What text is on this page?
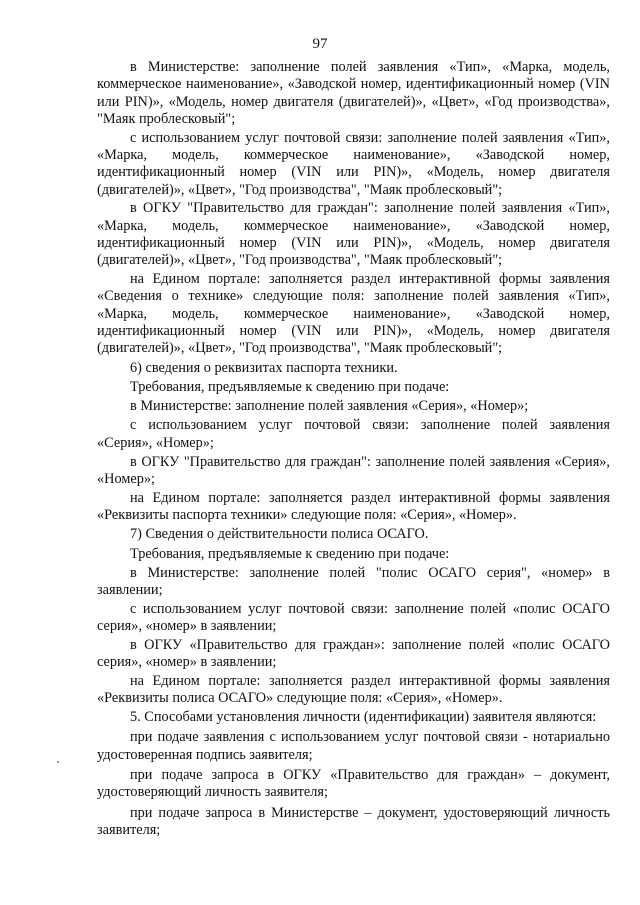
97

в Министерстве: заполнение полей заявления «Тип», «Марка, модель, коммерческое наименование», «Заводской номер, идентификационный номер (VIN или PIN)», «Модель, номер двигателя (двигателей)», «Цвет», «Год производства», "Маяк проблесковый";

с использованием услуг почтовой связи: заполнение полей заявления «Тип», «Марка, модель, коммерческое наименование», «Заводской номер, идентификационный номер (VIN или PIN)», «Модель, номер двигателя (двигателей)», «Цвет», "Год производства", "Маяк проблесковый";

в ОГКУ "Правительство для граждан": заполнение полей заявления «Тип», «Марка, модель, коммерческое наименование», «Заводской номер, идентификационный номер (VIN или PIN)», «Модель, номер двигателя (двигателей)», «Цвет», "Год производства", "Маяк проблесковый";

на Едином портале: заполняется раздел интерактивной формы заявления «Сведения о технике» следующие поля: заполнение полей заявления «Тип», «Марка, модель, коммерческое наименование», «Заводской номер, идентификационный номер (VIN или PIN)», «Модель, номер двигателя (двигателей)», «Цвет», "Год производства", "Маяк проблесковый";

6) сведения о реквизитах паспорта техники.

Требования, предъявляемые к сведению при подаче:

в Министерстве: заполнение полей заявления «Серия», «Номер»;

с использованием услуг почтовой связи: заполнение полей заявления «Серия», «Номер»;

в ОГКУ "Правительство для граждан": заполнение полей заявления «Серия», «Номер»;

на Едином портале: заполняется раздел интерактивной формы заявления «Реквизиты паспорта техники» следующие поля: «Серия», «Номер».

7) Сведения о действительности полиса ОСАГО.

Требования, предъявляемые к сведению при подаче:

в Министерстве: заполнение полей "полис ОСАГО серия", «номер» в заявлении;

с использованием услуг почтовой связи: заполнение полей «полис ОСАГО серия», «номер» в заявлении;

в ОГКУ «Правительство для граждан»: заполнение полей «полис ОСАГО серия», «номер» в заявлении;

на Едином портале: заполняется раздел интерактивной формы заявления «Реквизиты полиса ОСАГО» следующие поля: «Серия», «Номер».

5. Способами установления личности (идентификации) заявителя являются:

при подаче заявления с использованием услуг почтовой связи - нотариально удостоверенная подпись заявителя;

при подаче запроса в ОГКУ «Правительство для граждан» – документ, удостоверяющий личность заявителя;

при подаче запроса в Министерстве – документ, удостоверяющий личность заявителя;
